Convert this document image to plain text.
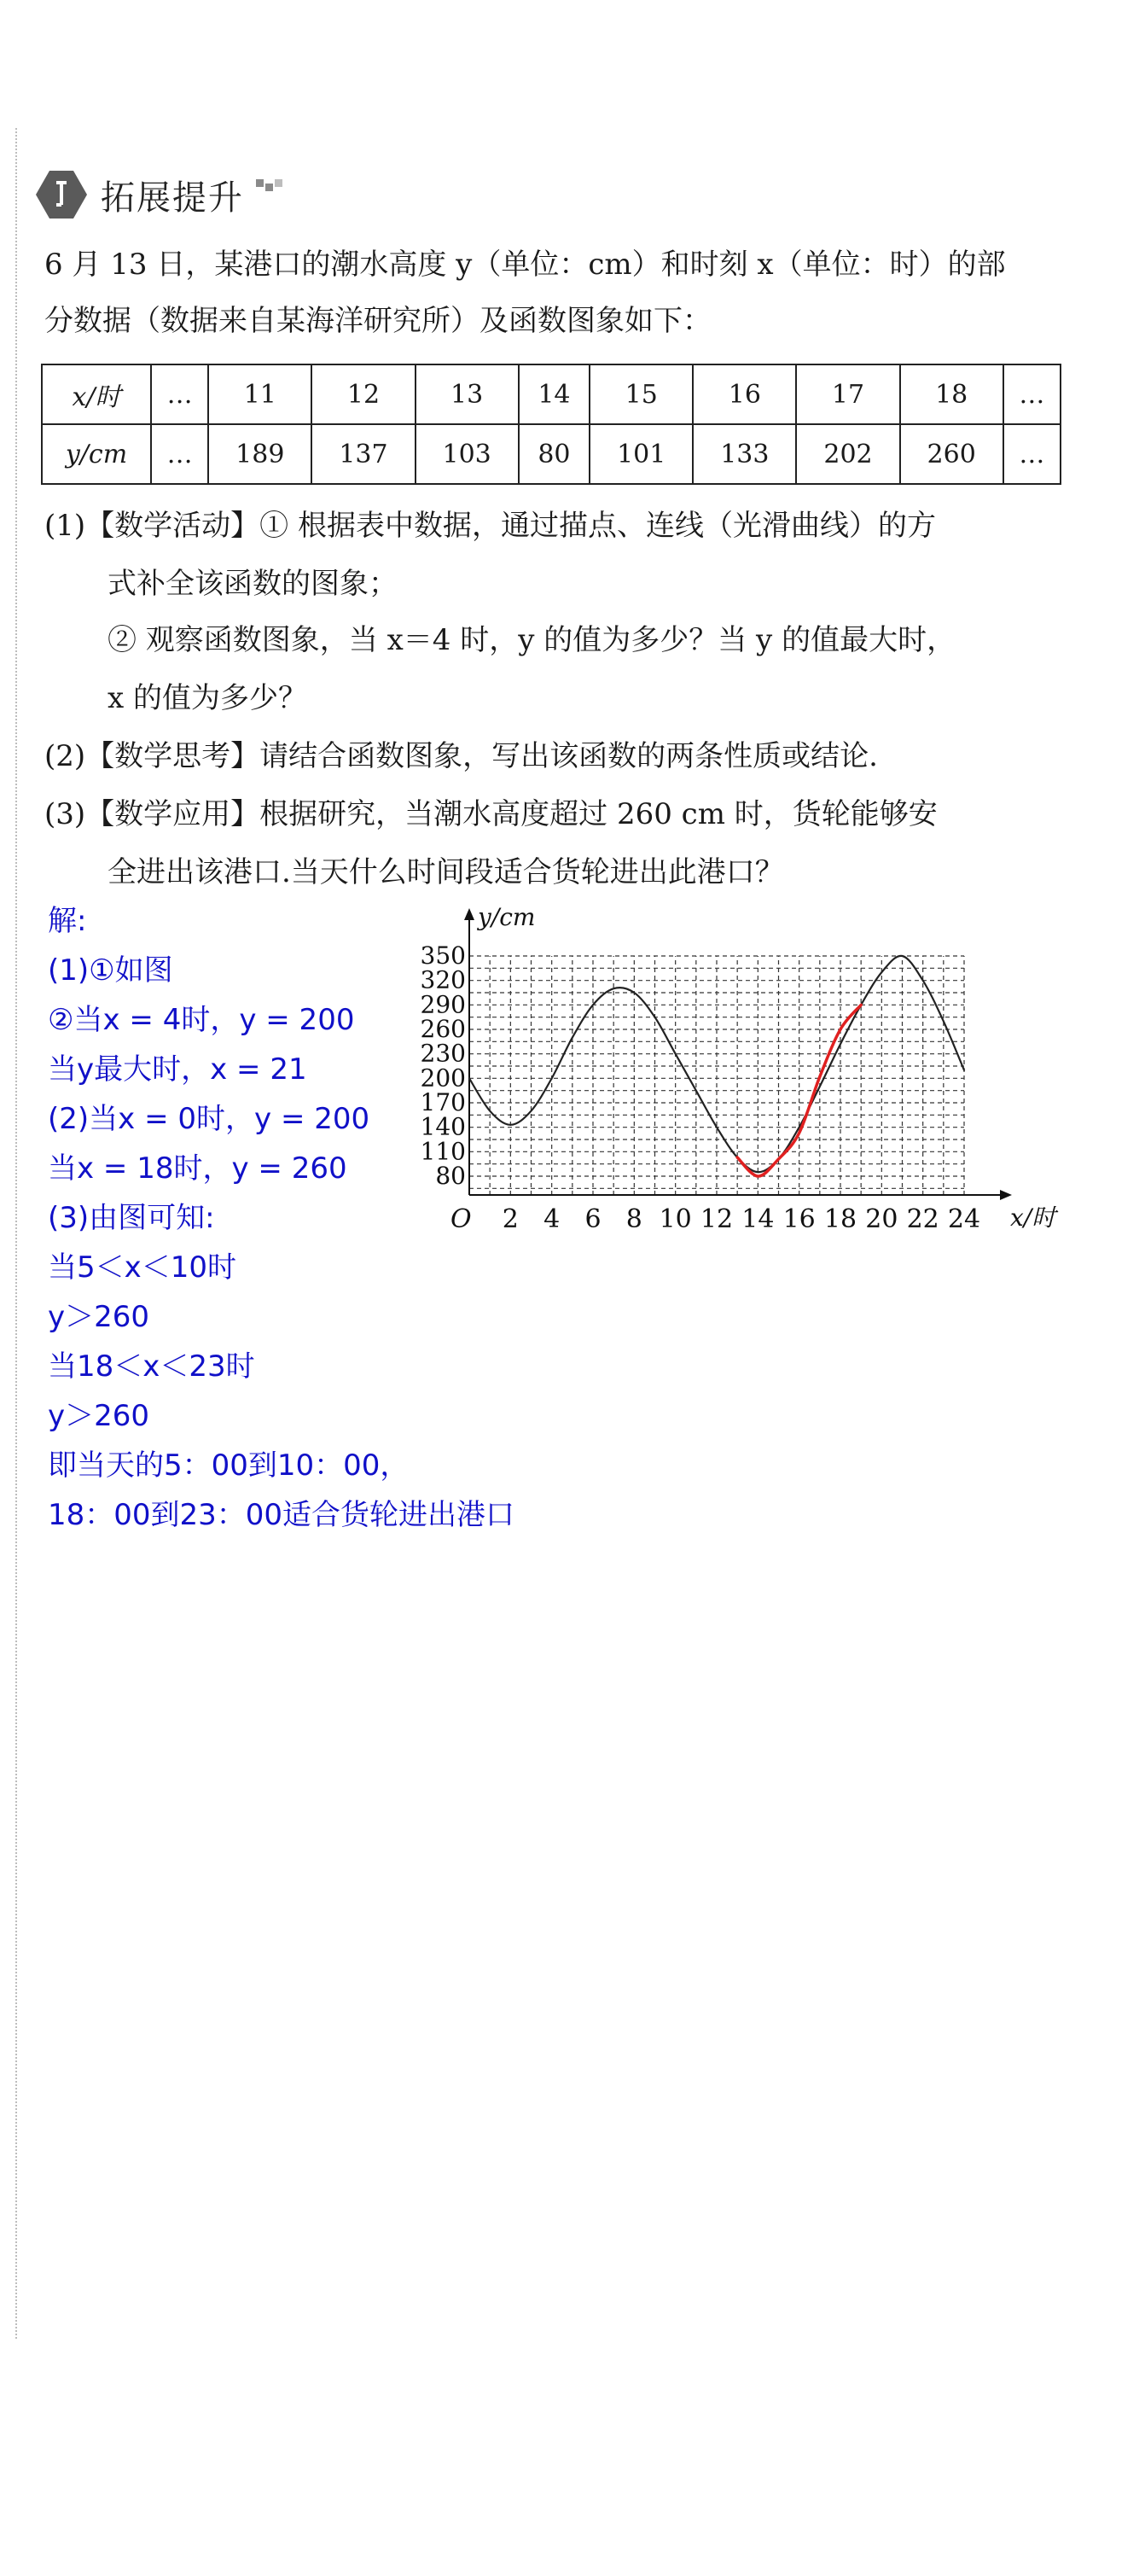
拓展提升
6 月 13 日，某港口的潮水高度 y（单位：cm）和时刻 x（单位：时）的部
分数据（数据来自某海洋研究所）及函数图象如下：
x/时	…	11	12	13	14	15	16	17	18	…
y/cm	…	189	137	103	80	101	133	202	260	…
(1)【数学活动】① 根据表中数据，通过描点、连线（光滑曲线）的方
式补全该函数的图象；
② 观察函数图象，当 x＝4 时，y 的值为多少？当 y 的值最大时，
x 的值为多少？
(2)【数学思考】请结合函数图象，写出该函数的两条性质或结论.
(3)【数学应用】根据研究，当潮水高度超过 260 cm 时，货轮能够安
全进出该港口.当天什么时间段适合货轮进出此港口？
解:
(1)①如图
②当x = 4时，y = 200
当y最大时，x = 21
(2)当x = 0时，y = 200
当x = 18时，y = 260
(3)由图可知:
当5＜x＜10时
y＞260
当18＜x＜23时
y＞260
即当天的5：00到10：00，
18：00到23：00适合货轮进出港口
y/cm
x/时
O 2 4 6 8 10 12 14 16 18 20 22 24
80
110
140
170
200
230
260
290
320
350
